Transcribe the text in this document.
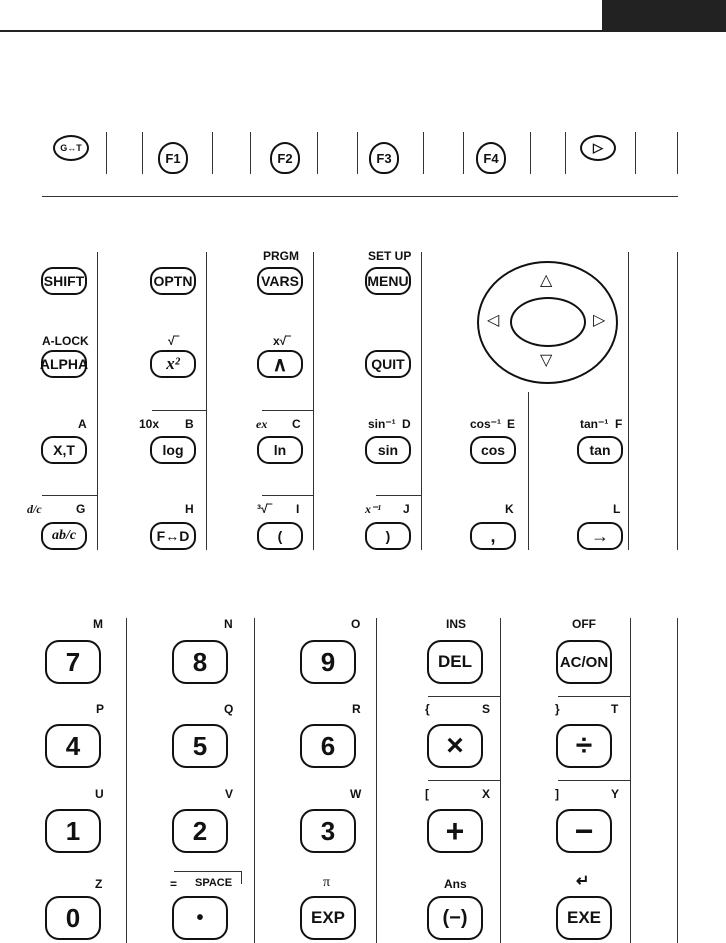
G↔T
F1	F2	F3	F4
▷
PRGM	SET UP
SHIFT	OPTN	VARS	MENU	△
▽
◁	▷
A-LOCK	√‾	x√‾
ALPHA	x²	∧	QUIT
A	10x B	ex C	sin⁻¹ D	cos⁻¹ E	tan⁻¹ F
X,T	log	ln	sin	cos	tan
d/c	G	H	³√‾ I	x⁻¹ J	K	L
ab/c	F↔D	(	)	,	→
M	N	O	INS	OFF
7	8	9	DEL	AC/ON
P	Q	R	{	S	}	T
4	5	6	×	÷
U	V	W	[	X	]	Y
1	2	3	+	−
Z	= SPACE	π	Ans	↵
0	•	EXP	(−)	EXE
